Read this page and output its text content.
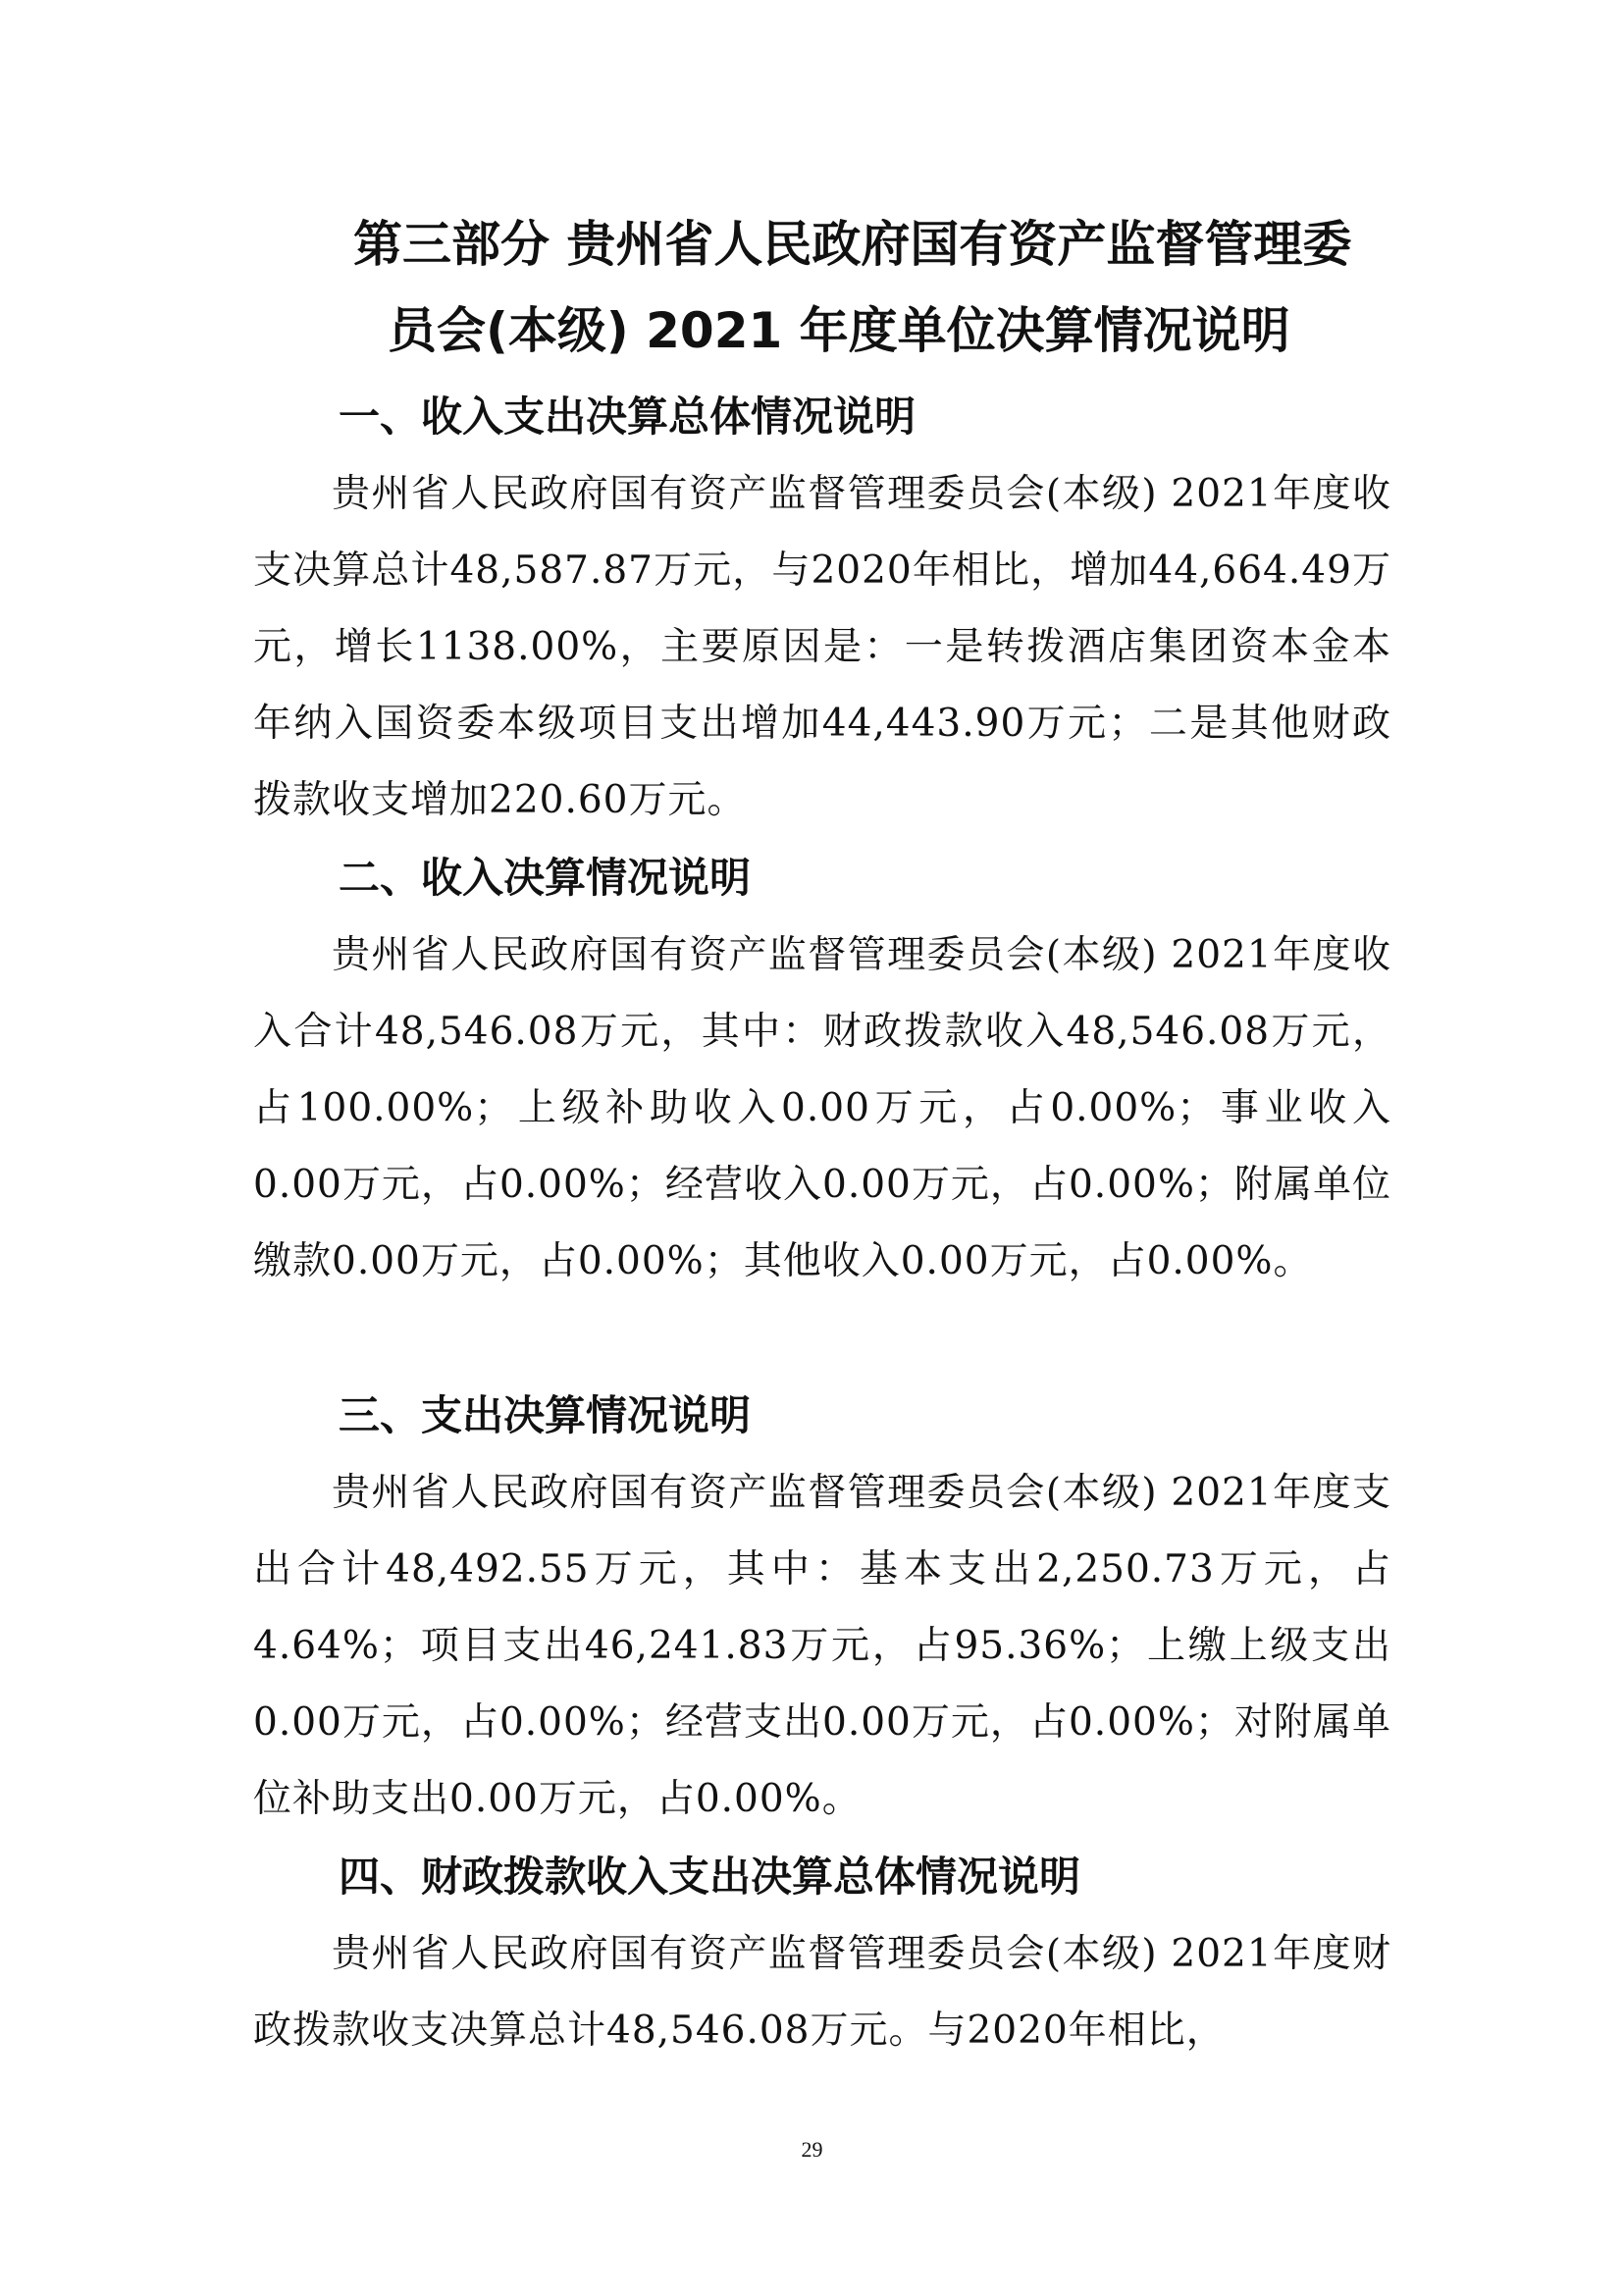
第三部分 贵州省人民政府国有资产监督管理委
员会(本级) 2021 年度单位决算情况说明
一、收入支出决算总体情况说明

贵州省人民政府国有资产监督管理委员会(本级) 2021年度收支决算总计48,587.87万元，与2020年相比，增加44,664.49万元，增长1138.00%，主要原因是：一是转拨酒店集团资本金本年纳入国资委本级项目支出增加44,443.90万元；二是其他财政拨款收支增加220.60万元。

二、收入决算情况说明

贵州省人民政府国有资产监督管理委员会(本级) 2021年度收入合计48,546.08万元，其中：财政拨款收入48,546.08万元，占100.00%；上级补助收入0.00万元，占0.00%；事业收入0.00万元，占0.00%；经营收入0.00万元，占0.00%；附属单位缴款0.00万元，占0.00%；其他收入0.00万元，占0.00%。

三、支出决算情况说明

贵州省人民政府国有资产监督管理委员会(本级) 2021年度支出合计48,492.55万元，其中：基本支出2,250.73万元，占4.64%；项目支出46,241.83万元，占95.36%；上缴上级支出0.00万元，占0.00%；经营支出0.00万元，占0.00%；对附属单位补助支出0.00万元，占0.00%。

四、财政拨款收入支出决算总体情况说明

贵州省人民政府国有资产监督管理委员会(本级) 2021年度财政拨款收支决算总计48,546.08万元。与2020年相比，

29
